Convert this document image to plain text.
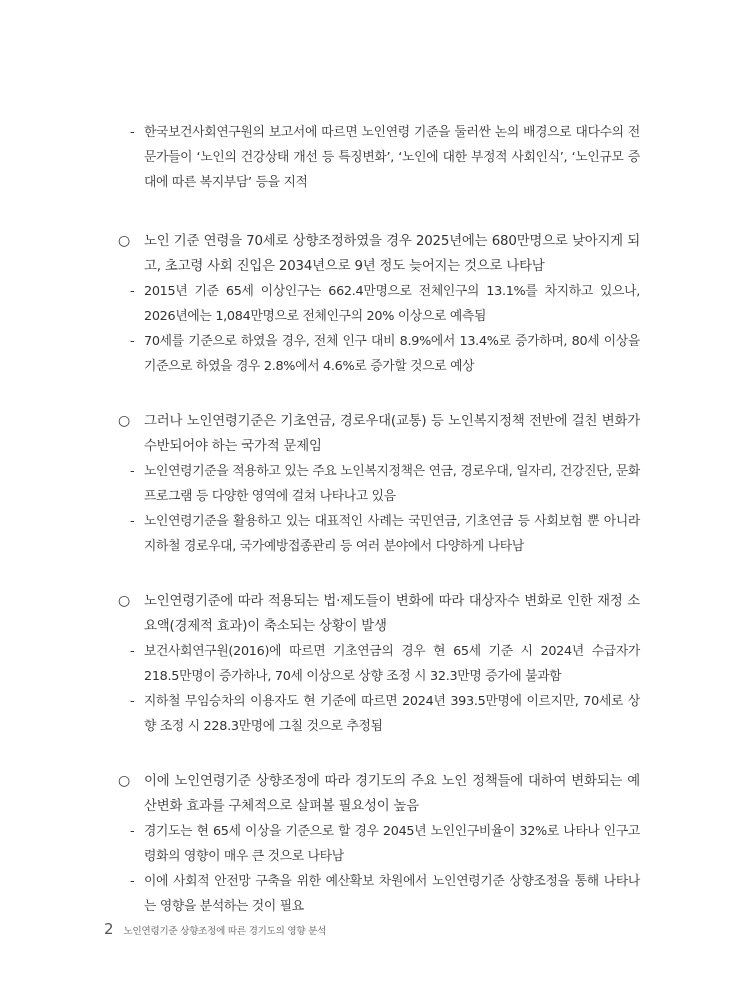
- 한국보건사회연구원의 보고서에 따르면 노인연령 기준을 둘러싼 논의 배경으로 대다수의 전문가들이 ‘노인의 건강상태 개선 등 특징변화’, ‘노인에 대한 부정적 사회인식’, ‘노인규모 증대에 따른 복지부담’ 등을 지적

○ 노인 기준 연령을 70세로 상향조정하였을 경우 2025년에는 680만명으로 낮아지게 되고, 초고령 사회 진입은 2034년으로 9년 정도 늦어지는 것으로 나타남

- 2015년 기준 65세 이상인구는 662.4만명으로 전체인구의 13.1%를 차지하고 있으나, 2026년에는 1,084만명으로 전체인구의 20% 이상으로 예측됨

- 70세를 기준으로 하였을 경우, 전체 인구 대비 8.9%에서 13.4%로 증가하며, 80세 이상을 기준으로 하였을 경우 2.8%에서 4.6%로 증가할 것으로 예상

○ 그러나 노인연령기준은 기초연금, 경로우대(교통) 등 노인복지정책 전반에 걸친 변화가 수반되어야 하는 국가적 문제임

- 노인연령기준을 적용하고 있는 주요 노인복지정책은 연금, 경로우대, 일자리, 건강진단, 문화프로그램 등 다양한 영역에 걸쳐 나타나고 있음

- 노인연령기준을 활용하고 있는 대표적인 사례는 국민연금, 기초연금 등 사회보험 뿐 아니라 지하철 경로우대, 국가예방접종관리 등 여러 분야에서 다양하게 나타남

○ 노인연령기준에 따라 적용되는 법·제도들이 변화에 따라 대상자수 변화로 인한 재정 소요액(경제적 효과)이 축소되는 상황이 발생

- 보건사회연구원(2016)에 따르면 기초연금의 경우 현 65세 기준 시 2024년 수급자가 218.5만명이 증가하나, 70세 이상으로 상향 조정 시 32.3만명 증가에 불과함

- 지하철 무임승차의 이용자도 현 기준에 따르면 2024년 393.5만명에 이르지만, 70세로 상향 조정 시 228.3만명에 그칠 것으로 추정됨

○ 이에 노인연령기준 상향조정에 따라 경기도의 주요 노인 정책들에 대하여 변화되는 예산변화 효과를 구체적으로 살펴볼 필요성이 높음

- 경기도는 현 65세 이상을 기준으로 할 경우 2045년 노인인구비율이 32%로 나타나 인구고령화의 영향이 매우 큰 것으로 나타남

- 이에 사회적 안전망 구축을 위한 예산확보 차원에서 노인연령기준 상향조정을 통해 나타나는 영향을 분석하는 것이 필요

2 노인연령기준 상향조정에 따른 경기도의 영향 분석
